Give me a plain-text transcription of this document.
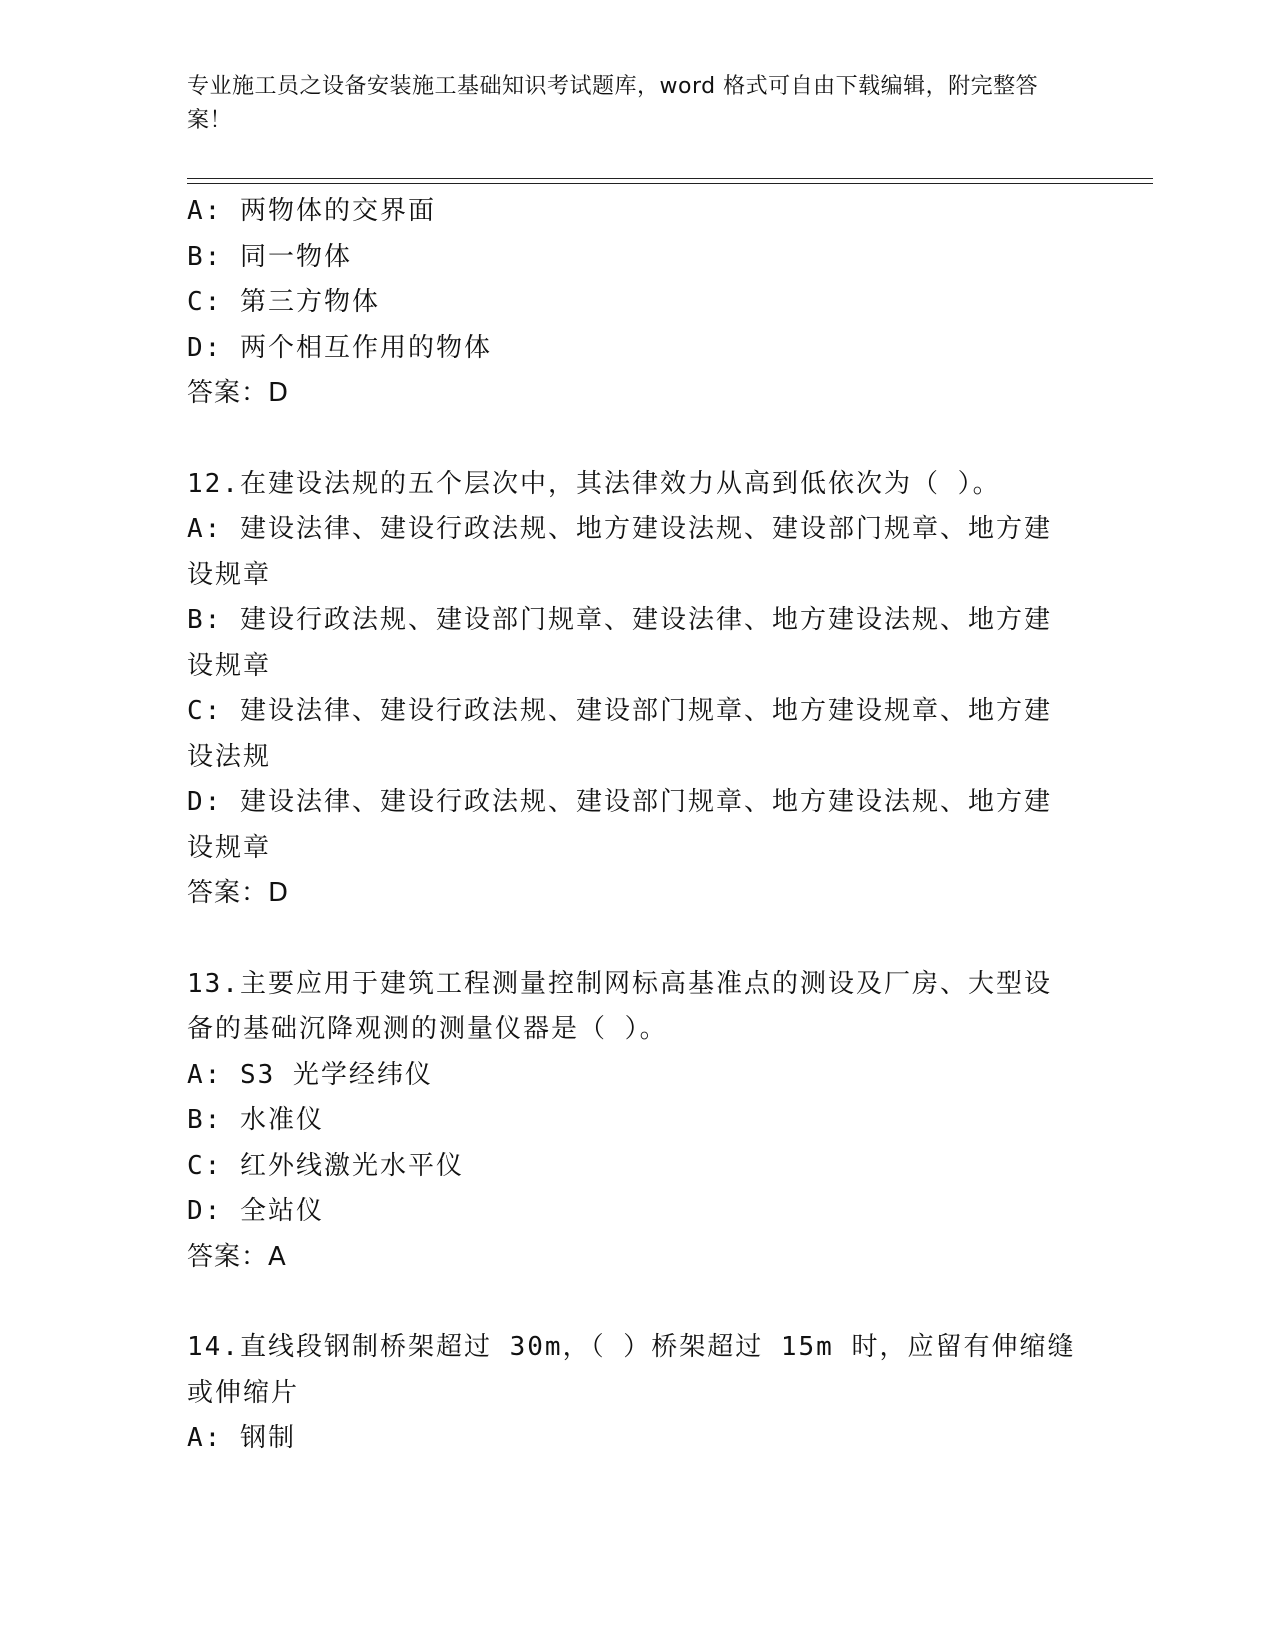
专业施工员之设备安装施工基础知识考试题库，word 格式可自由下载编辑，附完整答案！
A: 两物体的交界面
B: 同一物体
C: 第三方物体
D: 两个相互作用的物体
答案：D
12.在建设法规的五个层次中，其法律效力从高到低依次为（ ）。
A: 建设法律、建设行政法规、地方建设法规、建设部门规章、地方建设规章
B: 建设行政法规、建设部门规章、建设法律、地方建设法规、地方建设规章
C: 建设法律、建设行政法规、建设部门规章、地方建设规章、地方建设法规
D: 建设法律、建设行政法规、建设部门规章、地方建设法规、地方建设规章
答案：D
13.主要应用于建筑工程测量控制网标高基准点的测设及厂房、大型设备的基础沉降观测的测量仪器是（ ）。
A: S3 光学经纬仪
B: 水准仪
C: 红外线激光水平仪
D: 全站仪
答案：A
14.直线段钢制桥架超过 30m，（ ）桥架超过 15m 时，应留有伸缩缝或伸缩片
A: 钢制
